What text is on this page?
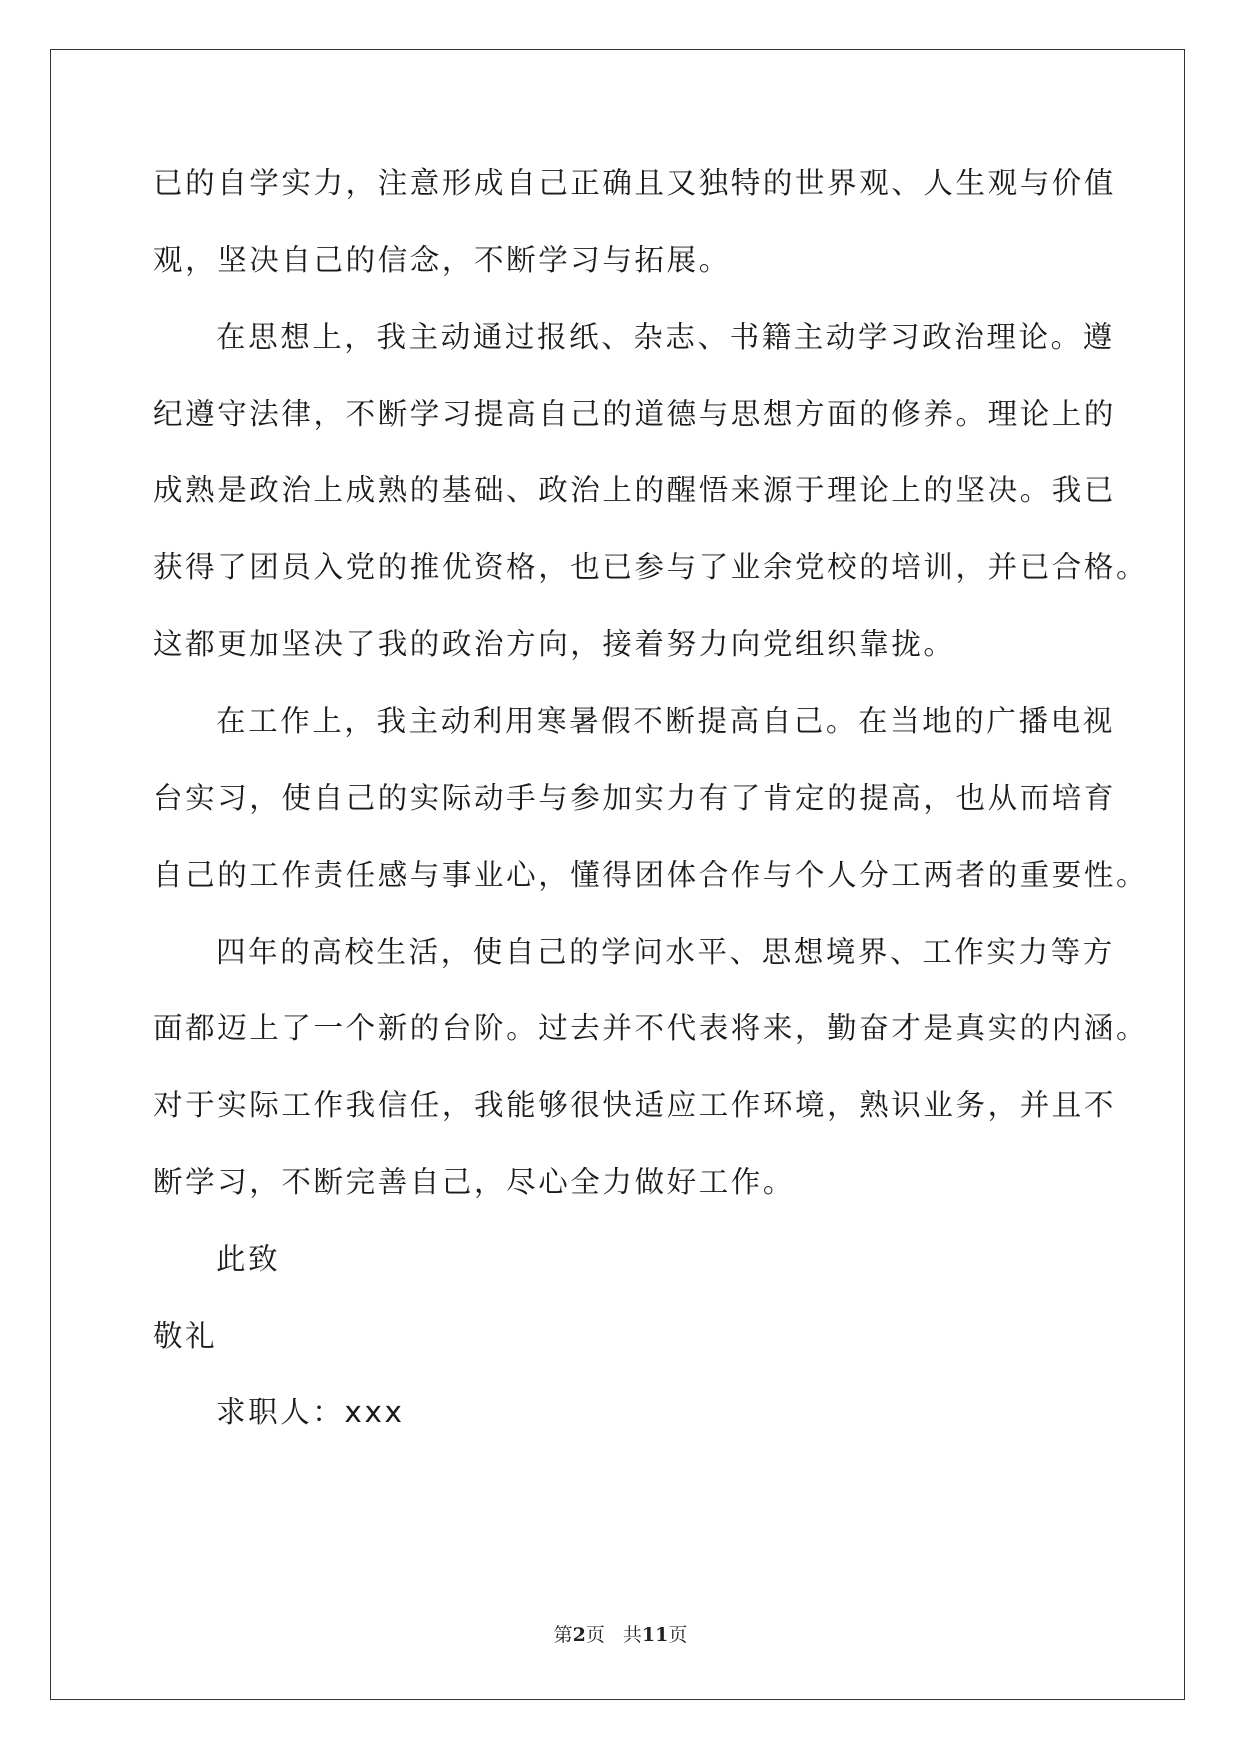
已的自学实力，注意形成自己正确且又独特的世界观、人生观与价值
观，坚决自己的信念，不断学习与拓展。
在思想上，我主动通过报纸、杂志、书籍主动学习政治理论。遵
纪遵守法律，不断学习提高自己的道德与思想方面的修养。理论上的
成熟是政治上成熟的基础、政治上的醒悟来源于理论上的坚决。我已
获得了团员入党的推优资格，也已参与了业余党校的培训，并已合格。
这都更加坚决了我的政治方向，接着努力向党组织靠拢。
在工作上，我主动利用寒暑假不断提高自己。在当地的广播电视
台实习，使自己的实际动手与参加实力有了肯定的提高，也从而培育
自己的工作责任感与事业心，懂得团体合作与个人分工两者的重要性。
四年的高校生活，使自己的学问水平、思想境界、工作实力等方
面都迈上了一个新的台阶。过去并不代表将来，勤奋才是真实的内涵。
对于实际工作我信任，我能够很快适应工作环境，熟识业务，并且不
断学习，不断完善自己，尽心全力做好工作。
此致
敬礼
求职人：xxx
第2页 共11页
